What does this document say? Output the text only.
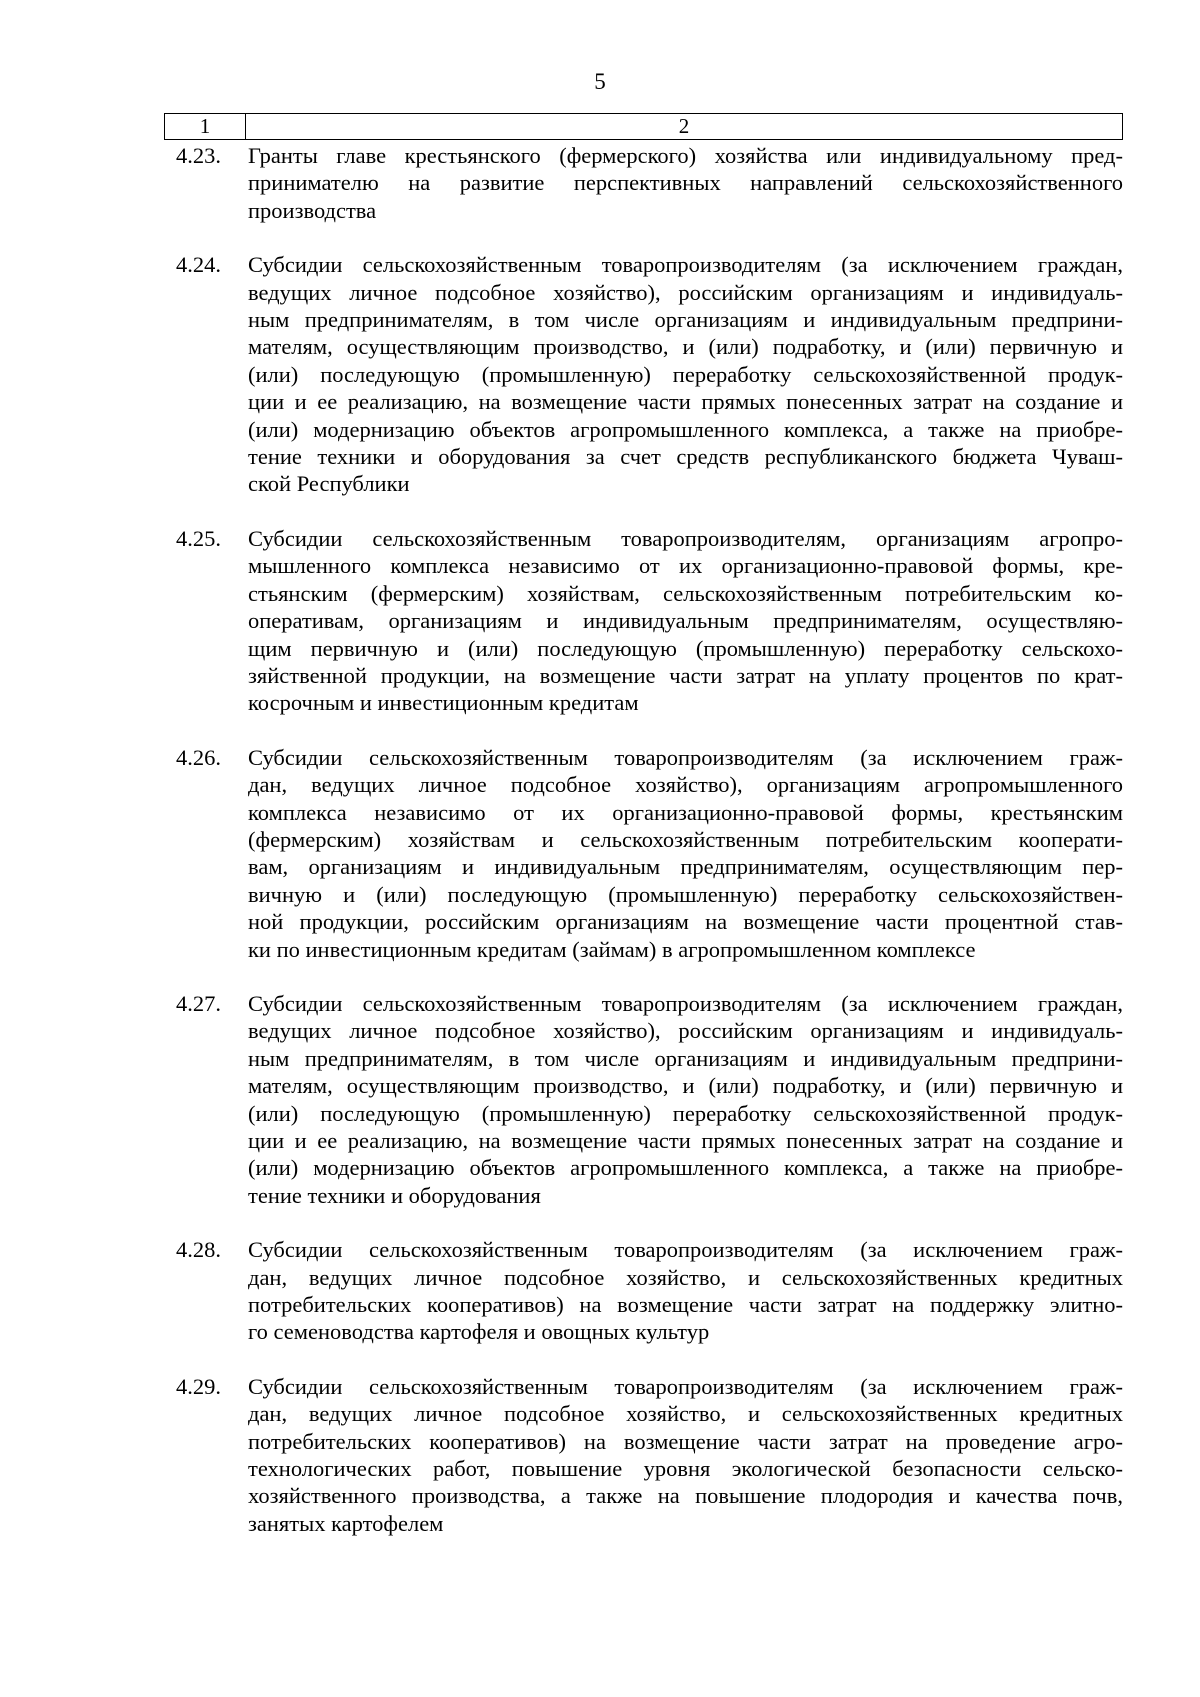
5
1	2
4.23.	Гранты главе крестьянского (фермерского) хозяйства или индивидуальному пред-
принимателю на развитие перспективных направлений сельскохозяйственного
производства
4.24.	Субсидии сельскохозяйственным товаропроизводителям (за исключением граждан,
ведущих личное подсобное хозяйство), российским организациям и индивидуаль-
ным предпринимателям, в том числе организациям и индивидуальным предприни-
мателям, осуществляющим производство, и (или) подработку, и (или) первичную и
(или) последующую (промышленную) переработку сельскохозяйственной продук-
ции и ее реализацию, на возмещение части прямых понесенных затрат на создание и
(или) модернизацию объектов агропромышленного комплекса, а также на приобре-
тение техники и оборудования за счет средств республиканского бюджета Чуваш-
ской Республики
4.25.	Субсидии сельскохозяйственным товаропроизводителям, организациям агропро-
мышленного комплекса независимо от их организационно-правовой формы, кре-
стьянским (фермерским) хозяйствам, сельскохозяйственным потребительским ко-
оперативам, организациям и индивидуальным предпринимателям, осуществляю-
щим первичную и (или) последующую (промышленную) переработку сельскохо-
зяйственной продукции, на возмещение части затрат на уплату процентов по крат-
косрочным и инвестиционным кредитам
4.26.	Субсидии сельскохозяйственным товаропроизводителям (за исключением граж-
дан, ведущих личное подсобное хозяйство), организациям агропромышленного
комплекса независимо от их организационно-правовой формы, крестьянским
(фермерским) хозяйствам и сельскохозяйственным потребительским кооперати-
вам, организациям и индивидуальным предпринимателям, осуществляющим пер-
вичную и (или) последующую (промышленную) переработку сельскохозяйствен-
ной продукции, российским организациям на возмещение части процентной став-
ки по инвестиционным кредитам (займам) в агропромышленном комплексе
4.27.	Субсидии сельскохозяйственным товаропроизводителям (за исключением граждан,
ведущих личное подсобное хозяйство), российским организациям и индивидуаль-
ным предпринимателям, в том числе организациям и индивидуальным предприни-
мателям, осуществляющим производство, и (или) подработку, и (или) первичную и
(или) последующую (промышленную) переработку сельскохозяйственной продук-
ции и ее реализацию, на возмещение части прямых понесенных затрат на создание и
(или) модернизацию объектов агропромышленного комплекса, а также на приобре-
тение техники и оборудования
4.28.	Субсидии сельскохозяйственным товаропроизводителям (за исключением граж-
дан, ведущих личное подсобное хозяйство, и сельскохозяйственных кредитных
потребительских кооперативов) на возмещение части затрат на поддержку элитно-
го семеноводства картофеля и овощных культур
4.29.	Субсидии сельскохозяйственным товаропроизводителям (за исключением граж-
дан, ведущих личное подсобное хозяйство, и сельскохозяйственных кредитных
потребительских кооперативов) на возмещение части затрат на проведение агро-
технологических работ, повышение уровня экологической безопасности сельско-
хозяйственного производства, а также на повышение плодородия и качества почв,
занятых картофелем
